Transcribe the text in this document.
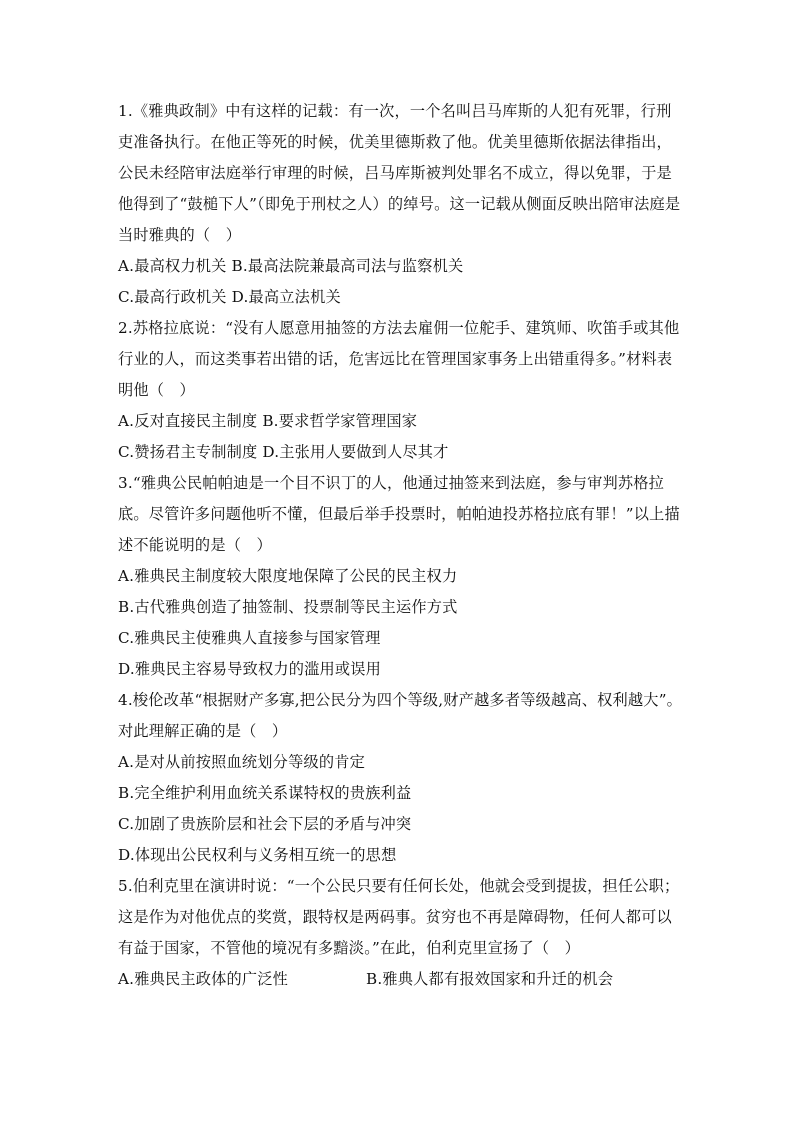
1.《雅典政制》中有这样的记载：有一次，一个名叫吕马库斯的人犯有死罪，行刑吏准备执行。在他正等死的时候，优美里德斯救了他。优美里德斯依据法律指出，公民未经陪审法庭举行审理的时候，吕马库斯被判处罪名不成立，得以免罪，于是他得到了“鼓槌下人”（即免于刑杖之人）的绰号。这一记载从侧面反映出陪审法庭是当时雅典的（　）

A.最高权力机关 B.最高法院兼最高司法与监察机关

C.最高行政机关 D.最高立法机关

2.苏格拉底说：“没有人愿意用抽签的方法去雇佣一位舵手、建筑师、吹笛手或其他行业的人，而这类事若出错的话，危害远比在管理国家事务上出错重得多。”材料表明他（　）

A.反对直接民主制度 B.要求哲学家管理国家

C.赞扬君主专制制度 D.主张用人要做到人尽其才

3.“雅典公民帕帕迪是一个目不识丁的人，他通过抽签来到法庭，参与审判苏格拉底。尽管许多问题他听不懂，但最后举手投票时，帕帕迪投苏格拉底有罪！”以上描述不能说明的是（　）

A.雅典民主制度较大限度地保障了公民的民主权力

B.古代雅典创造了抽签制、投票制等民主运作方式

C.雅典民主使雅典人直接参与国家管理

D.雅典民主容易导致权力的滥用或误用

4.梭伦改革“根据财产多寡,把公民分为四个等级,财产越多者等级越高、权利越大”。对此理解正确的是（　）

A.是对从前按照血统划分等级的肯定

B.完全维护利用血统关系谋特权的贵族利益

C.加剧了贵族阶层和社会下层的矛盾与冲突

D.体现出公民权利与义务相互统一的思想

5.伯利克里在演讲时说：“一个公民只要有任何长处，他就会受到提拔，担任公职；这是作为对他优点的奖赏，跟特权是两码事。贫穷也不再是障碍物，任何人都可以有益于国家，不管他的境况有多黯淡。”在此，伯利克里宣扬了（　）

A.雅典民主政体的广泛性	B.雅典人都有报效国家和升迁的机会
